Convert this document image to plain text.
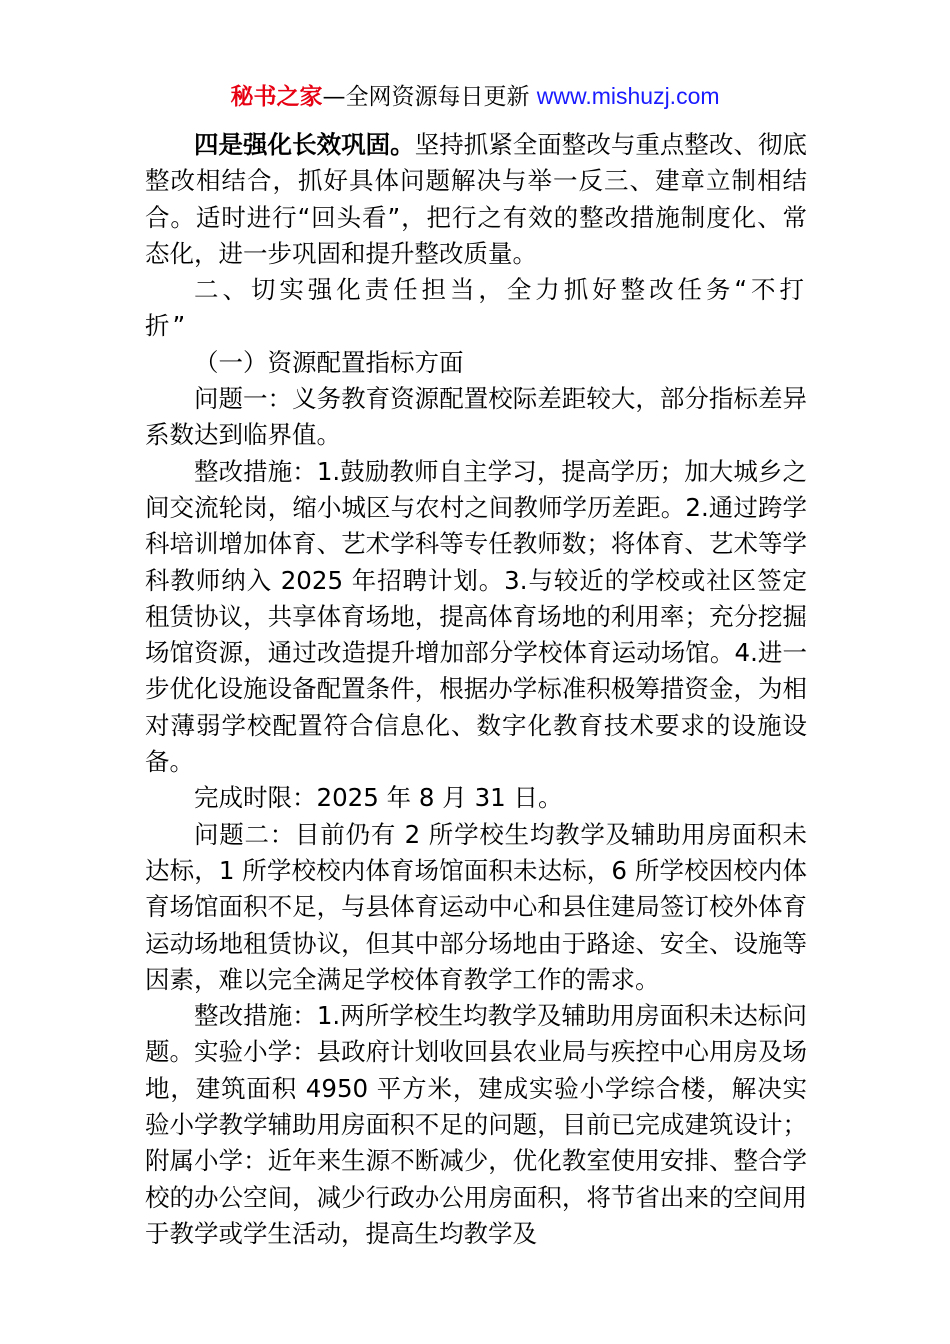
秘书之家—全网资源每日更新 www.mishuzj.com

四是强化长效巩固。坚持抓紧全面整改与重点整改、彻底整改相结合，抓好具体问题解决与举一反三、建章立制相结合。适时进行“回头看”，把行之有效的整改措施制度化、常态化，进一步巩固和提升整改质量。

二、切实强化责任担当，全力抓好整改任务“不打折”

（一）资源配置指标方面

问题一：义务教育资源配置校际差距较大，部分指标差异系数达到临界值。

整改措施：1.鼓励教师自主学习，提高学历；加大城乡之间交流轮岗，缩小城区与农村之间教师学历差距。2.通过跨学科培训增加体育、艺术学科等专任教师数；将体育、艺术等学科教师纳入 2025 年招聘计划。3.与较近的学校或社区签定租赁协议，共享体育场地，提高体育场地的利用率；充分挖掘场馆资源，通过改造提升增加部分学校体育运动场馆。4.进一步优化设施设备配置条件，根据办学标准积极筹措资金，为相对薄弱学校配置符合信息化、数字化教育技术要求的设施设备。

完成时限：2025 年 8 月 31 日。

问题二：目前仍有 2 所学校生均教学及辅助用房面积未达标，1 所学校校内体育场馆面积未达标，6 所学校因校内体育场馆面积不足，与县体育运动中心和县住建局签订校外体育运动场地租赁协议，但其中部分场地由于路途、安全、设施等因素，难以完全满足学校体育教学工作的需求。

整改措施：1.两所学校生均教学及辅助用房面积未达标问题。实验小学：县政府计划收回县农业局与疾控中心用房及场地，建筑面积 4950 平方米，建成实验小学综合楼，解决实验小学教学辅助用房面积不足的问题，目前已完成建筑设计；附属小学：近年来生源不断减少，优化教室使用安排、整合学校的办公空间，减少行政办公用房面积，将节省出来的空间用于教学或学生活动，提高生均教学及
